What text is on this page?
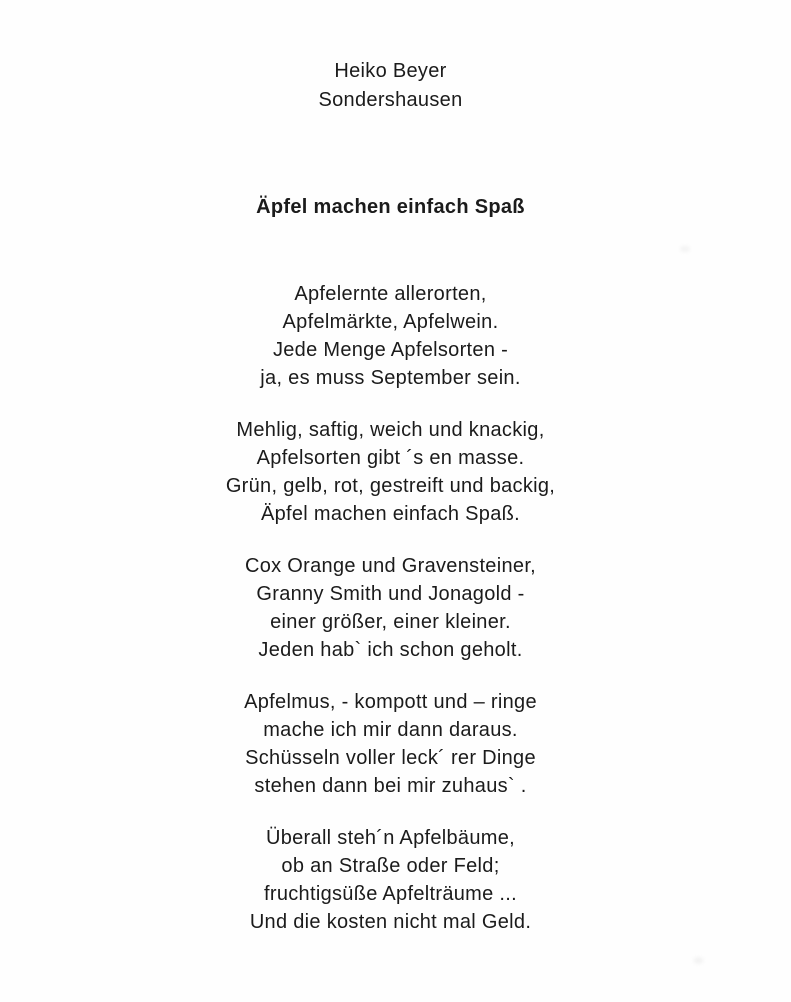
Heiko Beyer
Sondershausen
Äpfel machen einfach Spaß
Apfelernte allerorten,
Apfelmärkte, Apfelwein.
Jede Menge Apfelsorten -
ja, es muss September sein.
Mehlig, saftig, weich und knackig,
Apfelsorten gibt ´s en masse.
Grün, gelb, rot, gestreift und backig,
Äpfel machen einfach Spaß.
Cox Orange und Gravensteiner,
Granny Smith und Jonagold -
einer größer, einer kleiner.
Jeden hab` ich schon geholt.
Apfelmus, - kompott und – ringe
mache ich mir dann daraus.
Schüsseln voller leck´ rer Dinge
stehen dann bei mir zuhaus` .
Überall steh´n Apfelbäume,
ob an Straße oder Feld;
fruchtigsüße Apfelträume ...
Und die kosten nicht mal Geld.
